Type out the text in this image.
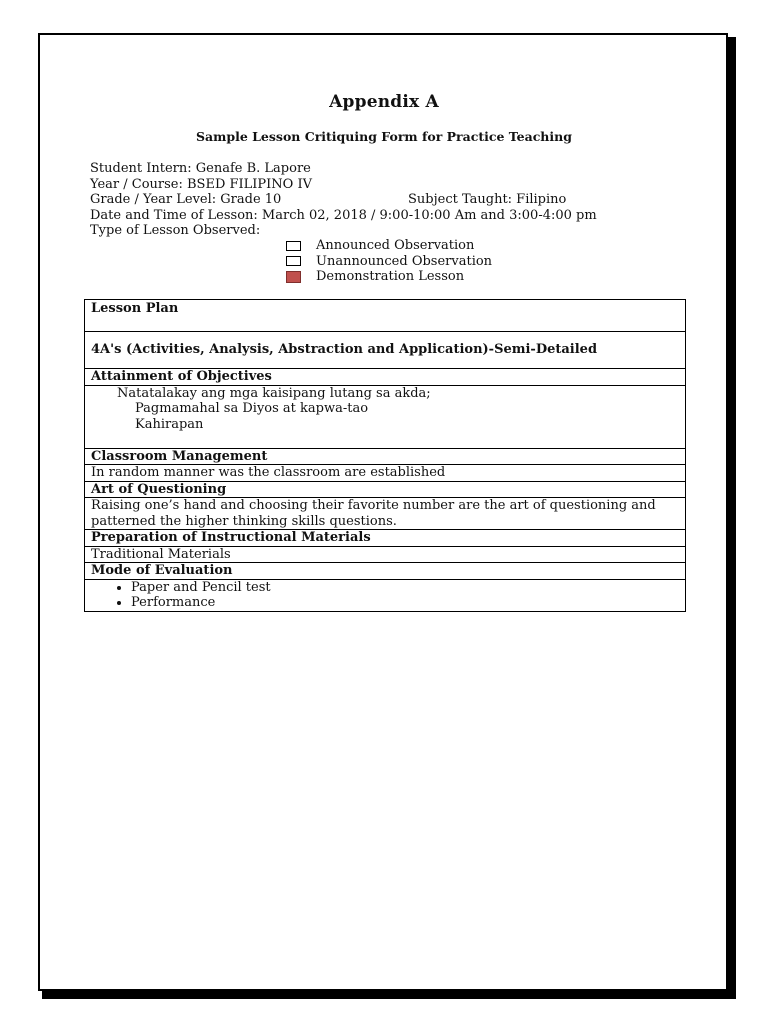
Appendix A
Sample Lesson Critiquing Form for Practice Teaching
Student Intern: Genafe B. Lapore
Year / Course: BSED FILIPINO IV
Grade / Year Level: Grade 10
Date and Time of Lesson: March 02, 2018 / 9:00-10:00 Am and 3:00-4:00 pm
Type of Lesson Observed:
Subject Taught: Filipino
Announced Observation
Unannounced Observation
Demonstration Lesson
Lesson Plan
4A's (Activities, Analysis, Abstraction and Application)-Semi-Detailed
Attainment of Objectives

Natatalakay ang mga kaisipang lutang sa akda;
Pagmamahal sa Diyos at kapwa-tao
Kahirapan

Classroom Management
In random manner was the classroom are established
Art of Questioning
Raising one’s hand and choosing their favorite number are the art of questioning and patterned the higher thinking skills questions.
Preparation of Instructional Materials
Traditional Materials
Mode of Evaluation

• Paper and Pencil test
• Performance
